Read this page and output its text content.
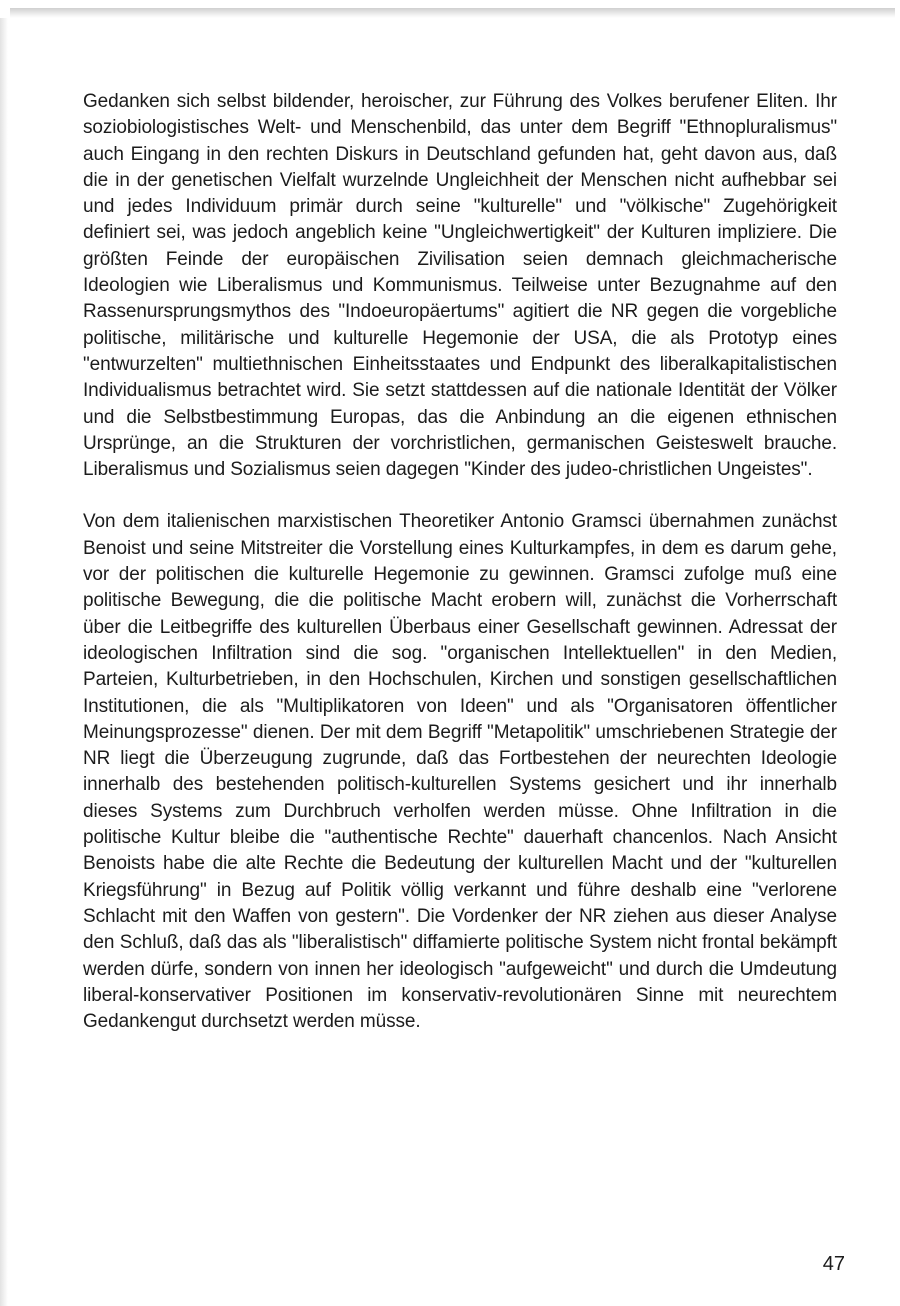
Gedanken sich selbst bildender, heroischer, zur Führung des Volkes berufener Eliten. Ihr soziobiologistisches Welt- und Menschenbild, das unter dem Begriff "Ethnopluralismus" auch Eingang in den rechten Diskurs in Deutschland gefunden hat, geht davon aus, daß die in der genetischen Vielfalt wurzelnde Ungleichheit der Menschen nicht aufhebbar sei und jedes Individuum primär durch seine "kulturelle" und "völkische" Zugehörigkeit definiert sei, was jedoch angeblich keine "Ungleichwertigkeit" der Kulturen impliziere. Die größten Feinde der europäischen Zivilisation seien demnach gleichmacherische Ideologien wie Liberalismus und Kommunismus. Teilweise unter Bezugnahme auf den Rassenursprungsmythos des "Indoeuropäertums" agitiert die NR gegen die vorgebliche politische, militärische und kulturelle Hegemonie der USA, die als Prototyp eines "entwurzelten" multiethnischen Einheitsstaates und Endpunkt des liberalkapitalistischen Individualismus betrachtet wird. Sie setzt stattdessen auf die nationale Identität der Völker und die Selbstbestimmung Europas, das die Anbindung an die eigenen ethnischen Ursprünge, an die Strukturen der vorchristlichen, germanischen Geisteswelt brauche. Liberalismus und Sozialismus seien dagegen "Kinder des judeo-christlichen Ungeistes".

Von dem italienischen marxistischen Theoretiker Antonio Gramsci übernahmen zunächst Benoist und seine Mitstreiter die Vorstellung eines Kulturkampfes, in dem es darum gehe, vor der politischen die kulturelle Hegemonie zu gewinnen. Gramsci zufolge muß eine politische Bewegung, die die politische Macht erobern will, zunächst die Vorherrschaft über die Leitbegriffe des kulturellen Überbaus einer Gesellschaft gewinnen. Adressat der ideologischen Infiltration sind die sog. "organischen Intellektuellen" in den Medien, Parteien, Kulturbetrieben, in den Hochschulen, Kirchen und sonstigen gesellschaftlichen Institutionen, die als "Multiplikatoren von Ideen" und als "Organisatoren öffentlicher Meinungsprozesse" dienen. Der mit dem Begriff "Metapolitik" umschriebenen Strategie der NR liegt die Überzeugung zugrunde, daß das Fortbestehen der neurechten Ideologie innerhalb des bestehenden politisch-kulturellen Systems gesichert und ihr innerhalb dieses Systems zum Durchbruch verholfen werden müsse. Ohne Infiltration in die politische Kultur bleibe die "authentische Rechte" dauerhaft chancenlos. Nach Ansicht Benoists habe die alte Rechte die Bedeutung der kulturellen Macht und der "kulturellen Kriegsführung" in Bezug auf Politik völlig verkannt und führe deshalb eine "verlorene Schlacht mit den Waffen von gestern". Die Vordenker der NR ziehen aus dieser Analyse den Schluß, daß das als "liberalistisch" diffamierte politische System nicht frontal bekämpft werden dürfe, sondern von innen her ideologisch "aufgeweicht" und durch die Umdeutung liberal-konservativer Positionen im konservativ-revolutionären Sinne mit neurechtem Gedankengut durchsetzt werden müsse.

47
